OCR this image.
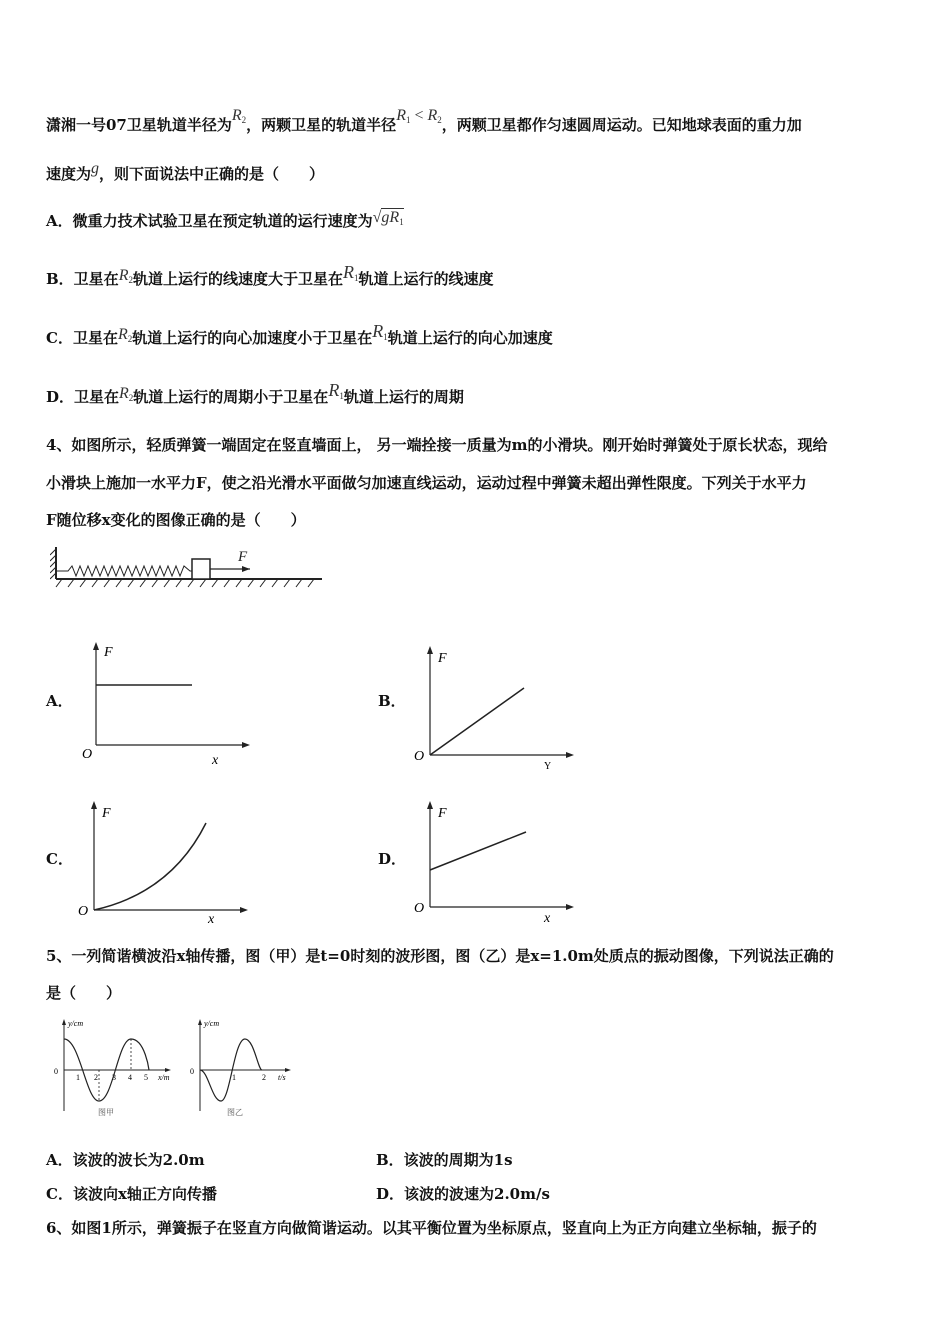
潇湘一号07卫星轨道半径为$R_2$，两颗卫星的轨道半径$R_1 < R_2$，两颗卫星都作匀速圆周运动。已知地球表面的重力加
速度为g，则下面说法中正确的是（　　）
A．微重力技术试验卫星在预定轨道的运行速度为$√gR_1$
B．卫星在$R_2$轨道上运行的线速度大于卫星在$R_1$轨道上运行的线速度
C．卫星在$R_2$轨道上运行的向心加速度小于卫星在$R_1$轨道上运行的向心加速度
D．卫星在$R_2$轨道上运行的周期小于卫星在$R_1$轨道上运行的周期
4、如图所示，轻质弹簧一端固定在竖直墙面上， 另一端拴接一质量为m的小滑块。刚开始时弹簧处于原长状态，现给
小滑块上施加一水平力F，使之沿光滑水平面做匀加速直线运动，运动过程中弹簧未超出弹性限度。下列关于水平力
F随位移x变化的图像正确的是（　　）
F
A．
F
O	x
B．
F
O
Y
C．
F
O
x
D．
F
O
x
5、一列简谐横波沿x轴传播，图（甲）是t=0时刻的波形图，图（乙）是x=1.0m处质点的振动图像，下列说法正确的
是（　　）
y/cm
0
1 2 3 4 5 x/m
图甲
y/cm
0
1	2 t/s
图乙
A．该波的波长为2.0m	B．该波的周期为1s
C．该波向x轴正方向传播	D．该波的波速为2.0m/s
6、如图1所示，弹簧振子在竖直方向做简谐运动。以其平衡位置为坐标原点，竖直向上为正方向建立坐标轴，振子的
